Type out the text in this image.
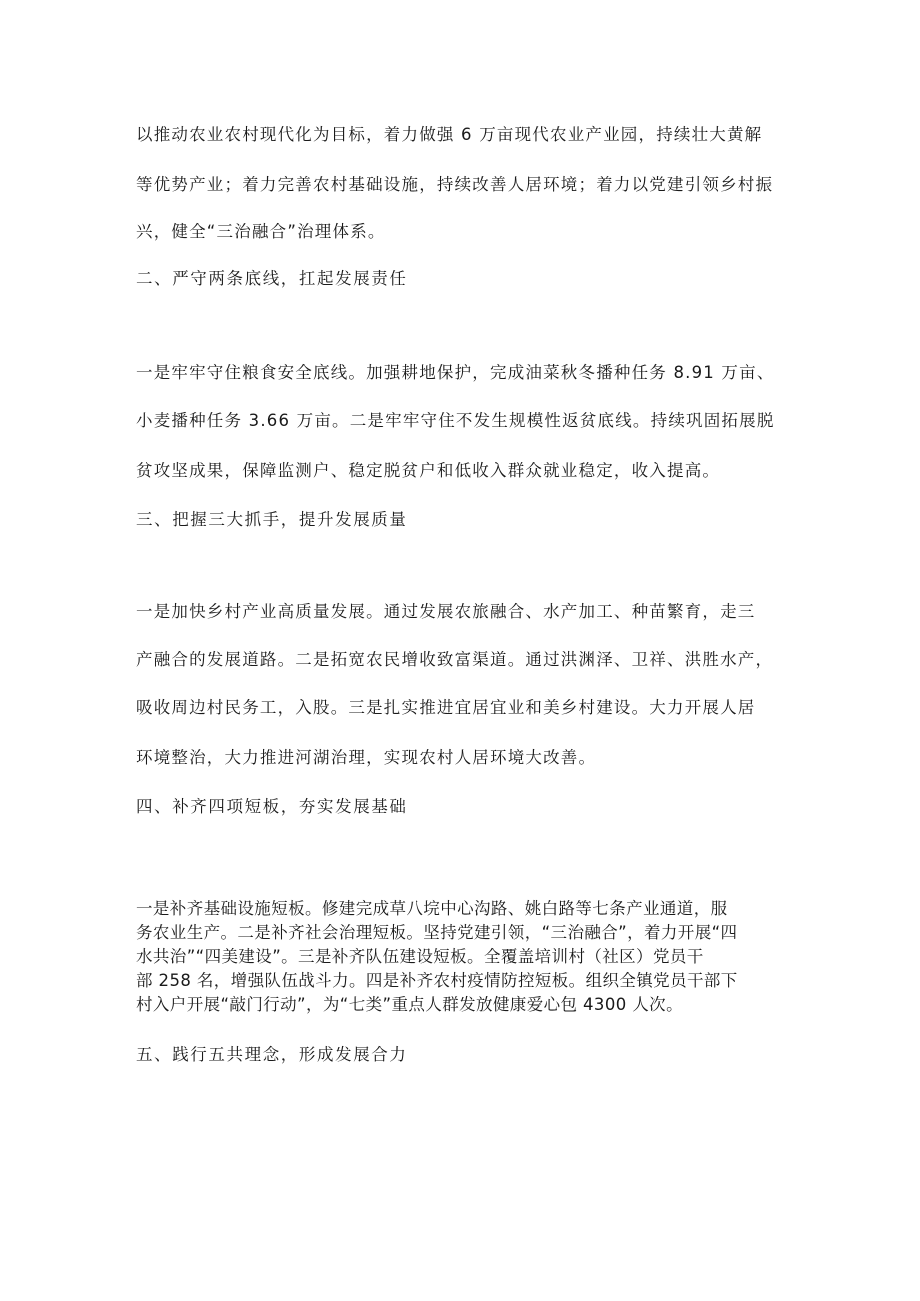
以推动农业农村现代化为目标，着力做强 6 万亩现代农业产业园，持续壮大黄解
等优势产业；着力完善农村基础设施，持续改善人居环境；着力以党建引领乡村振
兴，健全“三治融合”治理体系。
二、严守两条底线，扛起发展责任
一是牢牢守住粮食安全底线。加强耕地保护，完成油菜秋冬播种任务 8.91 万亩、
小麦播种任务 3.66 万亩。二是牢牢守住不发生规模性返贫底线。持续巩固拓展脱
贫攻坚成果，保障监测户、稳定脱贫户和低收入群众就业稳定，收入提高。
三、把握三大抓手，提升发展质量
一是加快乡村产业高质量发展。通过发展农旅融合、水产加工、种苗繁育，走三
产融合的发展道路。二是拓宽农民增收致富渠道。通过洪渊泽、卫祥、洪胜水产，
吸收周边村民务工，入股。三是扎实推进宜居宜业和美乡村建设。大力开展人居
环境整治，大力推进河湖治理，实现农村人居环境大改善。
四、补齐四项短板，夯实发展基础
一是补齐基础设施短板。修建完成草八垸中心沟路、姚白路等七条产业通道，服
务农业生产。二是补齐社会治理短板。坚持党建引领，“三治融合”，着力开展“四
水共治”“四美建设”。三是补齐队伍建设短板。全覆盖培训村（社区）党员干
部 258 名，增强队伍战斗力。四是补齐农村疫情防控短板。组织全镇党员干部下
村入户开展“敲门行动”，为“七类”重点人群发放健康爱心包 4300 人次。
五、践行五共理念，形成发展合力
